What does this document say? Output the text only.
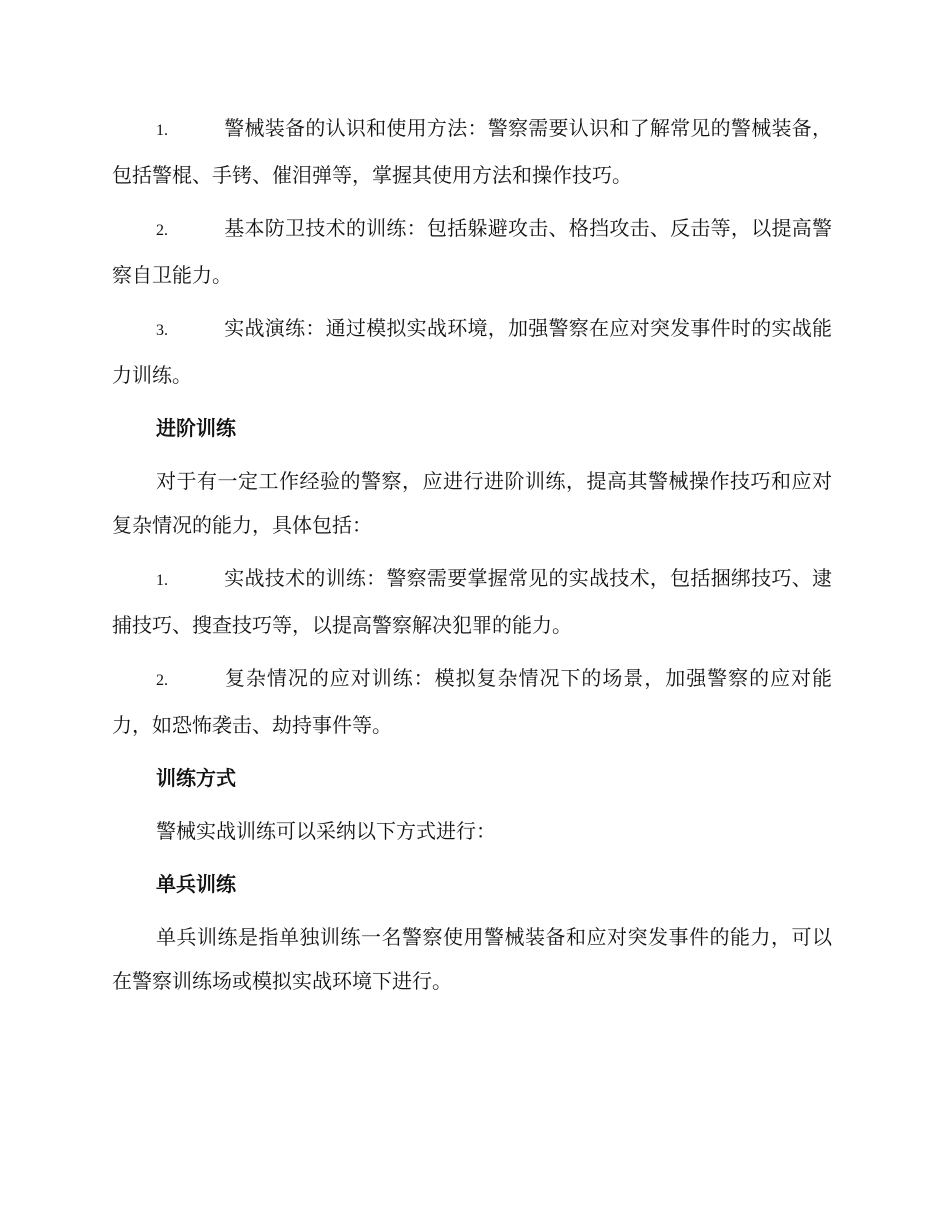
1.	警械装备的认识和使用方法：警察需要认识和了解常见的警械装备，包括警棍、手铐、催泪弹等，掌握其使用方法和操作技巧。

2.	基本防卫技术的训练：包括躲避攻击、格挡攻击、反击等，以提高警察自卫能力。

3.	实战演练：通过模拟实战环境，加强警察在应对突发事件时的实战能力训练。

进阶训练

对于有一定工作经验的警察，应进行进阶训练，提高其警械操作技巧和应对复杂情况的能力，具体包括：

1.	实战技术的训练：警察需要掌握常见的实战技术，包括捆绑技巧、逮捕技巧、搜查技巧等，以提高警察解决犯罪的能力。

2.	复杂情况的应对训练：模拟复杂情况下的场景，加强警察的应对能力，如恐怖袭击、劫持事件等。

训练方式

警械实战训练可以采纳以下方式进行：

单兵训练

单兵训练是指单独训练一名警察使用警械装备和应对突发事件的能力，可以在警察训练场或模拟实战环境下进行。
